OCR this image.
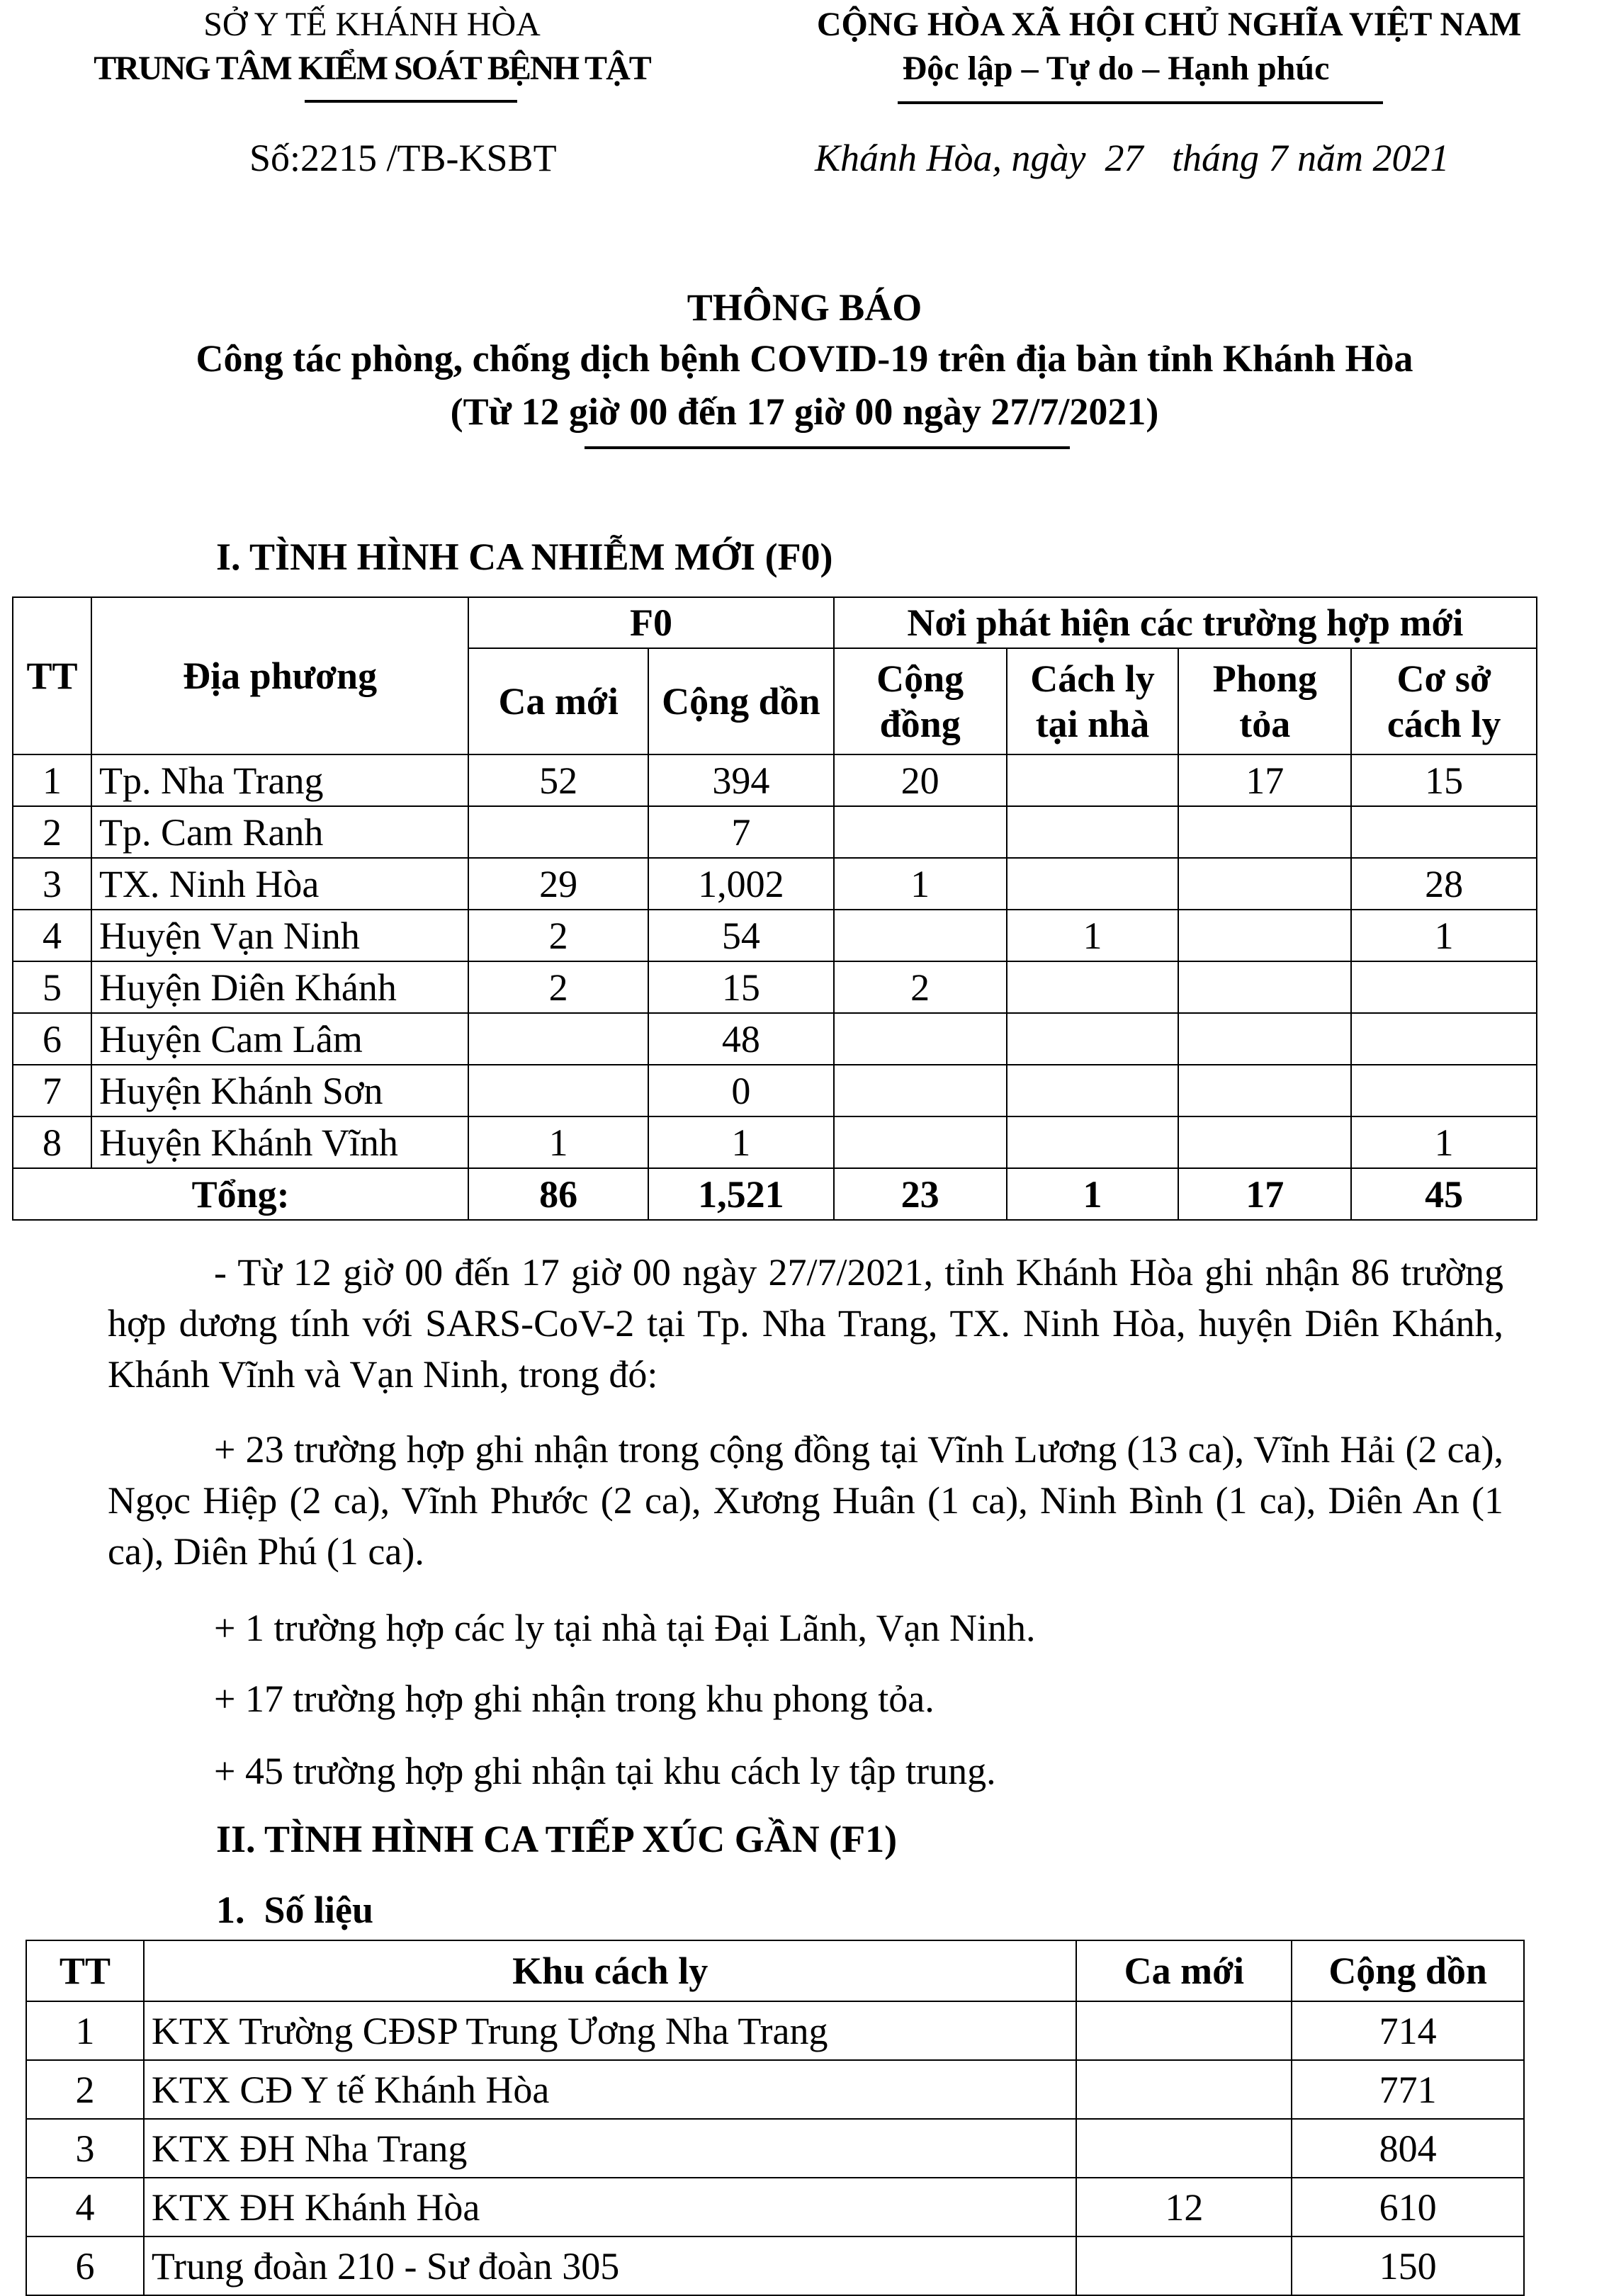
SỞ Y TẾ KHÁNH HÒA
TRUNG TÂM KIỂM SOÁT BỆNH TẬT
CỘNG HÒA XÃ HỘI CHỦ NGHĨA VIỆT NAM
Độc lập – Tự do – Hạnh phúc
Số:2215 /TB-KSBT	Khánh Hòa, ngày  27   tháng 7 năm 2021
THÔNG BÁO
Công tác phòng, chống dịch bệnh COVID-19 trên địa bàn tỉnh Khánh Hòa
(Từ 12 giờ 00 đến 17 giờ 00 ngày 27/7/2021)
I. TÌNH HÌNH CA NHIỄM MỚI (F0)
TT	Địa phương	F0		Nơi phát hiện các trường hợp mới			
		Ca mới	Cộng dồn	Cộng đồng	Cách ly tại nhà	Phong tỏa	Cơ sở cách ly
1	Tp. Nha Trang	52	394	20		17	15
2	Tp. Cam Ranh		7				
3	TX. Ninh Hòa	29	1,002	1			28
4	Huyện Vạn Ninh	2	54		1		1
5	Huyện Diên Khánh	2	15	2			
6	Huyện Cam Lâm		48				
7	Huyện Khánh Sơn		0				
8	Huyện Khánh Vĩnh	1	1				1
Tổng:		86	1,521	23	1	17	45
- Từ 12 giờ 00 đến 17 giờ 00 ngày 27/7/2021, tỉnh Khánh Hòa ghi nhận 86 trường hợp dương tính với SARS-CoV-2 tại Tp. Nha Trang, TX. Ninh Hòa, huyện Diên Khánh, Khánh Vĩnh và Vạn Ninh, trong đó:
+ 23 trường hợp ghi nhận trong cộng đồng tại Vĩnh Lương (13 ca), Vĩnh Hải (2 ca), Ngọc Hiệp (2 ca), Vĩnh Phước (2 ca), Xương Huân (1 ca), Ninh Bình (1 ca), Diên An (1 ca), Diên Phú (1 ca).
+ 1 trường hợp các ly tại nhà tại Đại Lãnh, Vạn Ninh.
+ 17 trường hợp ghi nhận trong khu phong tỏa.
+ 45 trường hợp ghi nhận tại khu cách ly tập trung.
II. TÌNH HÌNH CA TIẾP XÚC GẦN (F1)
1.  Số liệu
TT	Khu cách ly	Ca mới	Cộng dồn
1	KTX Trường CĐSP Trung Ương Nha Trang		714
2	KTX CĐ Y tế Khánh Hòa		771
3	KTX ĐH Nha Trang		804
4	KTX ĐH Khánh Hòa	12	610
6	Trung đoàn 210 - Sư đoàn 305		150
